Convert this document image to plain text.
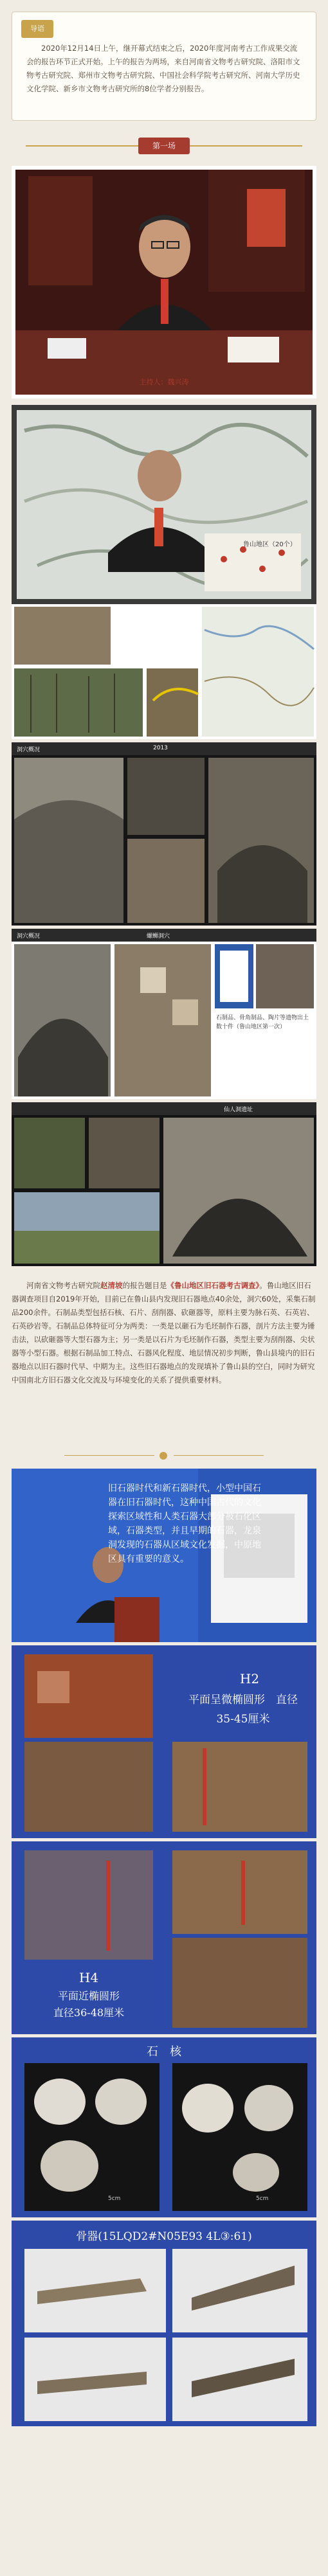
导语

2020年12月14日上午，继开幕式结束之后，2020年度河南考古工作成果交流会的报告环节正式开始。上午的报告为两场，来自河南省文物考古研究院、洛阳市文物考古研究院、郑州市文物考古研究院、中国社会科学院考古研究所、河南大学历史文化学院、新乡市文物考古研究所的8位学者分别报告。

第一场
主持人：魏兴涛
鲁山地区（20个）
洞穴概况	2013
洞穴概况	螺蛳洞穴
石制品、骨角制品、陶片等遗物出土数十件（鲁山地区第一次）
仙人洞遗址

河南省文物考古研究院赵清坡的报告题目是《鲁山地区旧石器考古调查》。鲁山地区旧石器调查项目自2019年开始，目前已在鲁山县内发现旧石器地点40余处，洞穴60处，采集石制品200余件。石制品类型包括石核、石片、刮削器、砍砸器等，原料主要为脉石英、石英岩、石英砂岩等。石制品总体特征可分为两类：一类是以砸石为毛坯制作石器，剖片方法主要为锤击法，以砍砸器等大型石器为主；另一类是以石片为毛坯制作石器，类型主要为刮削器、尖状器等小型石器。根据石制品加工特点、石器风化程度、地层情况初步判断，鲁山县境内的旧石器地点以旧石器时代早、中期为主。这些旧石器地点的发现填补了鲁山县的空白，同时为研究中国南北方旧石器文化交流及与环境变化的关系了提供重要材料。

旧石器时代和新石器时代，小型中国石器在旧石器时代，这种中国古代的文化探索区域性和人类石器大部分被石化区域，石器类型，并且早期的石器，龙泉洞发现的石器从区域文化发掘，中原地区具有重要的意义。
H2
平面呈微椭圆形　直径
35-45厘米
H4
平面近椭圆形
直径36-48厘米
石　核
5cm	5cm
骨器(15LQD2#N05E93 4L③:61)
